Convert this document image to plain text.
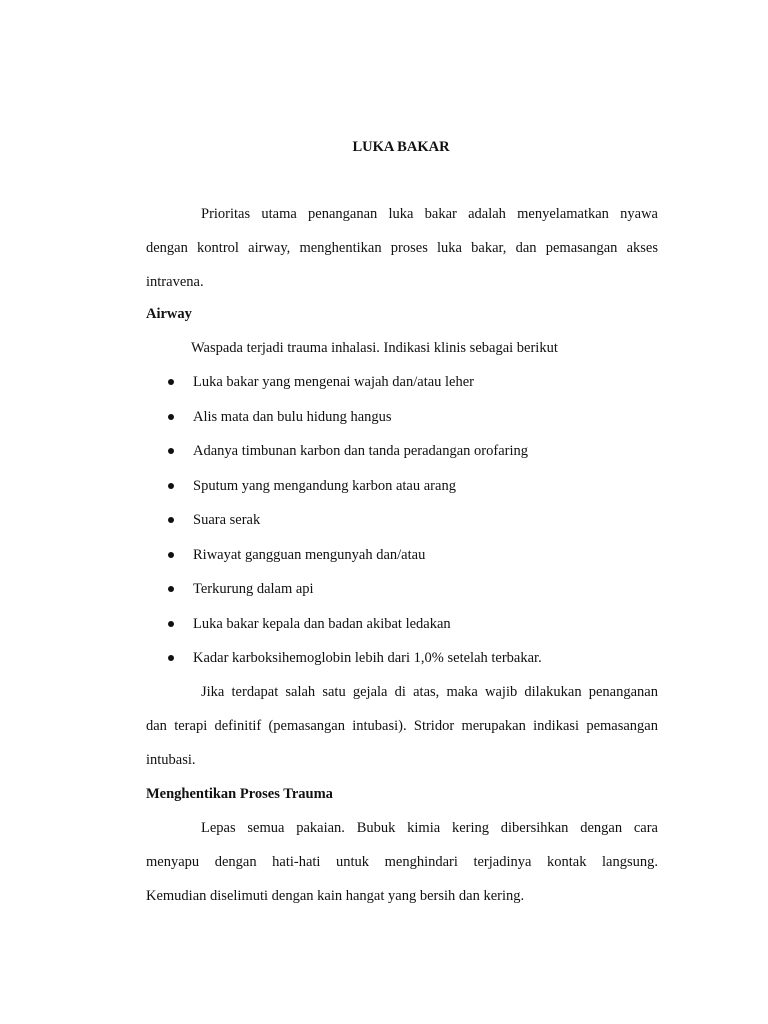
LUKA BAKAR

Prioritas utama penanganan luka bakar adalah menyelamatkan nyawa

dengan kontrol airway, menghentikan proses luka bakar, dan pemasangan akses

intravena.

Airway
Waspada terjadi trauma inhalasi. Indikasi klinis sebagai berikut
Luka bakar yang mengenai wajah dan/atau leher
Alis mata dan bulu hidung hangus
Adanya timbunan karbon dan tanda peradangan orofaring
Sputum yang mengandung karbon atau arang
Suara serak
Riwayat gangguan mengunyah dan/atau
Terkurung dalam api
Luka bakar kepala dan badan akibat ledakan
Kadar karboksihemoglobin lebih dari 1,0% setelah terbakar.

Jika terdapat salah satu gejala di atas, maka wajib dilakukan penanganan

dan terapi definitif (pemasangan intubasi). Stridor merupakan indikasi pemasangan

intubasi.

Menghentikan Proses Trauma

Lepas semua pakaian. Bubuk kimia kering dibersihkan dengan cara

menyapu dengan hati-hati untuk menghindari terjadinya kontak langsung.

Kemudian diselimuti dengan kain hangat yang bersih dan kering.
